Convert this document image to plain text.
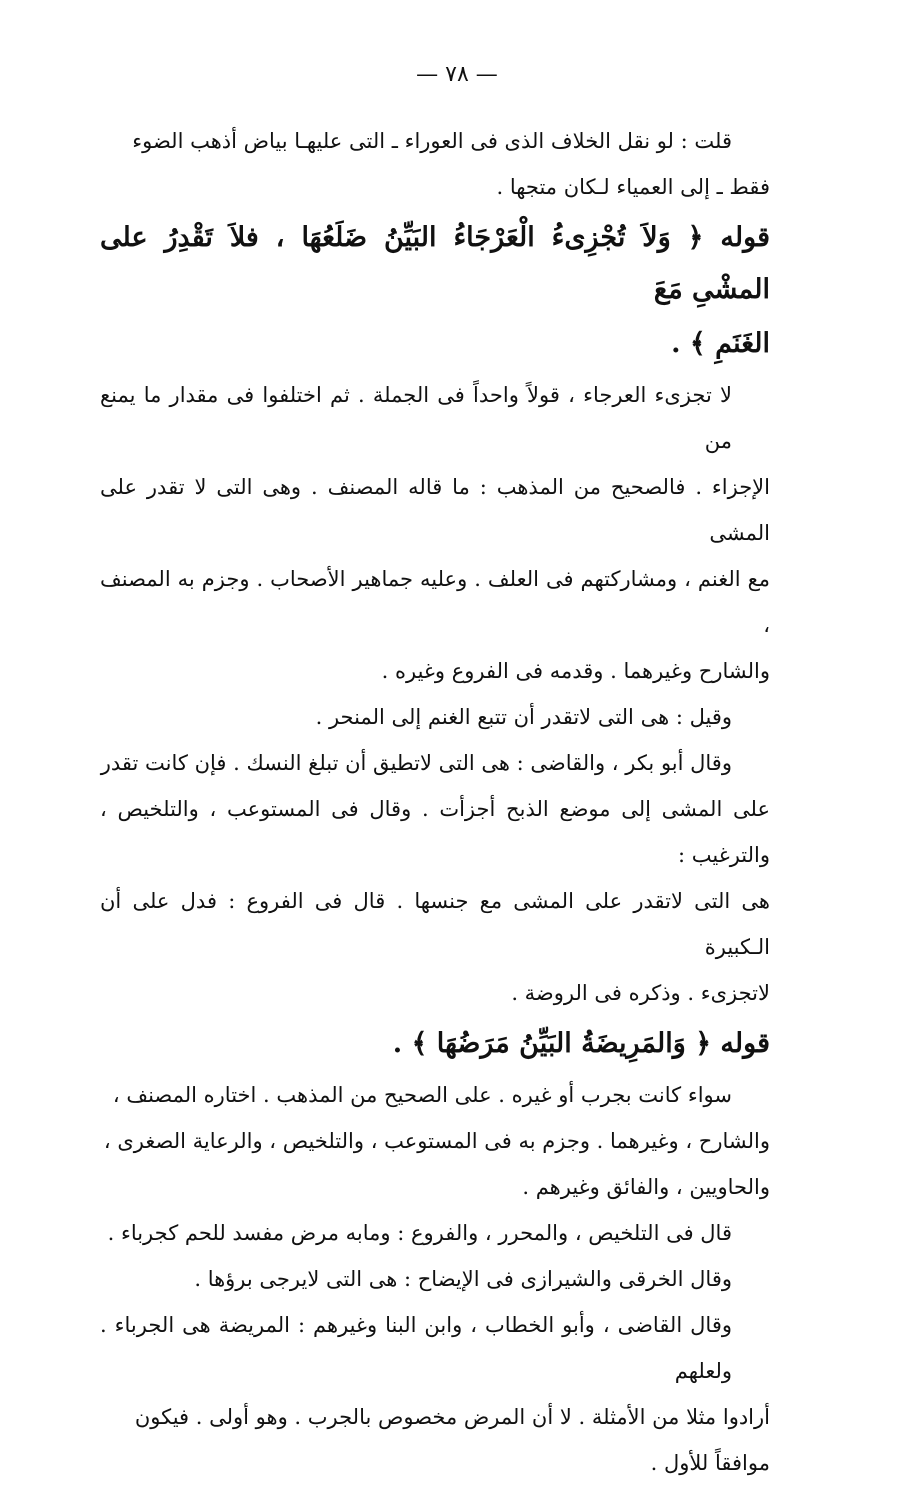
— ٧٨ —

قلت : لو نقل الخلاف الذى فى العوراء ـ التى عليهـا بياض أذهب الضوء

فقط ـ إلى العمياء لـكان متجها .

قوله ﴿ وَلاَ تُجْزِىءُ الْعَرْجَاءُ البَيِّنُ ضَلَعُهَا ، فلاَ تَقْدِرُ على المشْىِ مَعَ

الغَنَمِ ﴾ .

لا تجزىء العرجاء ، قولاً واحداً فى الجملة . ثم اختلفوا فى مقدار ما يمنع من

الإجزاء . فالصحيح من المذهب : ما قاله المصنف . وهى التى لا تقدر على المشى

مع الغنم ، ومشاركتهم فى العلف . وعليه جماهير الأصحاب . وجزم به المصنف ،

والشارح وغيرهما . وقدمه فى الفروع وغيره .

وقيل : هى التى لاتقدر أن تتبع الغنم إلى المنحر .

وقال أبو بكر ، والقاضى : هى التى لاتطيق أن تبلغ النسك . فإن كانت تقدر

على المشى إلى موضع الذبح أجزأت . وقال فى المستوعب ، والتلخيص ، والترغيب :

هى التى لاتقدر على المشى مع جنسها . قال فى الفروع : فدل على أن الـكبيرة

لاتجزىء . وذكره فى الروضة .

قوله ﴿ وَالمَرِيضَةُ البَيِّنُ مَرَضُهَا ﴾ .

سواء كانت بجرب أو غيره . على الصحيح من المذهب . اختاره المصنف ،

والشارح ، وغيرهما . وجزم به فى المستوعب ، والتلخيص ، والرعاية الصغرى ،

والحاويين ، والفائق وغيرهم .

قال فى التلخيص ، والمحرر ، والفروع : ومابه مرض مفسد للحم كجرباء .

وقال الخرقى والشيرازى فى الإيضاح : هى التى لايرجى برؤها .

وقال القاضى ، وأبو الخطاب ، وابن البنا وغيرهم : المريضة هى الجرباء . ولعلهم

أرادوا مثلا من الأمثلة . لا أن المرض مخصوص بالجرب . وهو أولى . فيكون

موافقاً للأول .
